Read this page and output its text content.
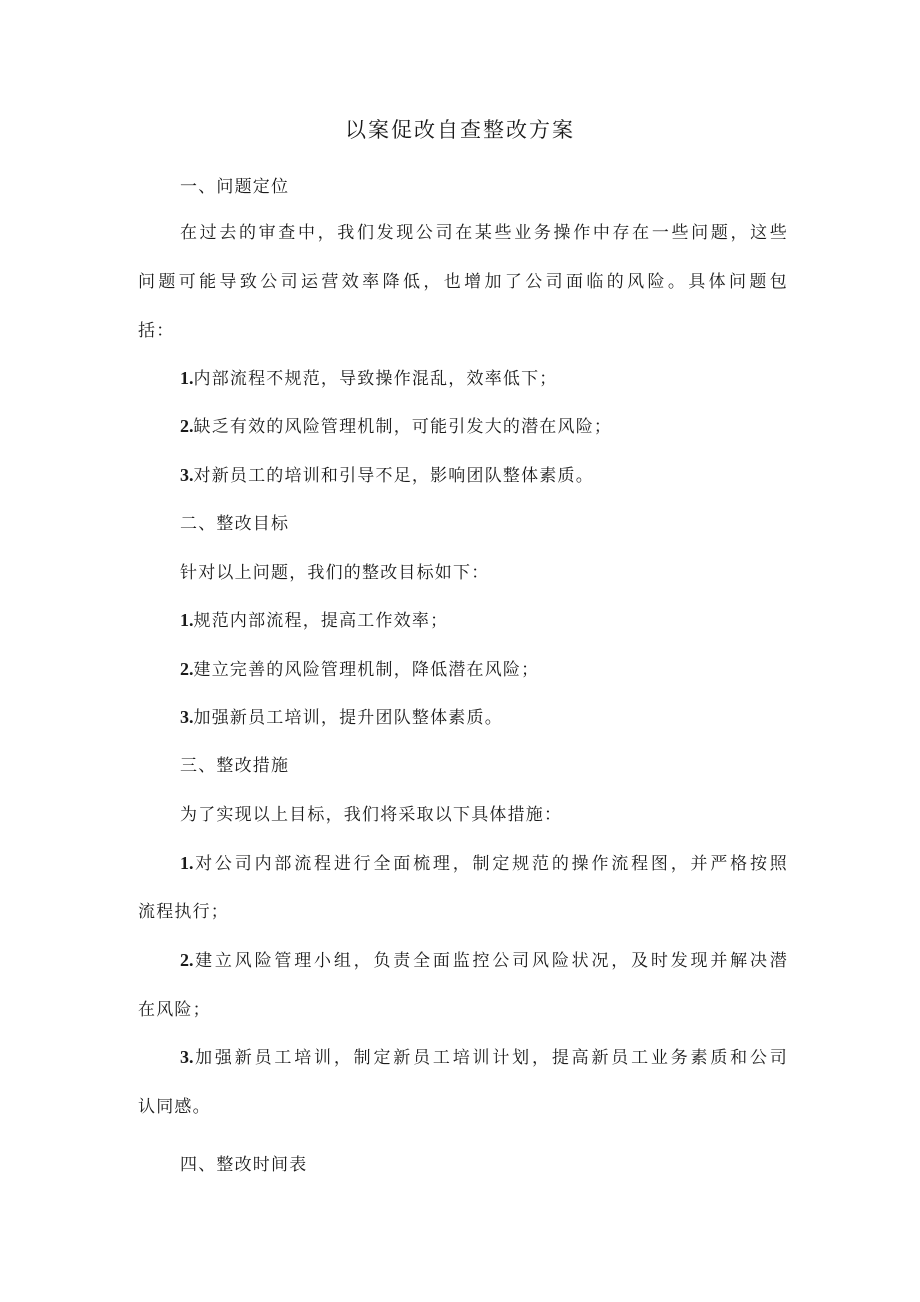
以案促改自查整改方案
一、问题定位
在过去的审查中，我们发现公司在某些业务操作中存在一些问题，这些
问题可能导致公司运营效率降低，也增加了公司面临的风险。具体问题包
括：
1.内部流程不规范，导致操作混乱，效率低下；
2.缺乏有效的风险管理机制，可能引发大的潜在风险；
3.对新员工的培训和引导不足，影响团队整体素质。
二、整改目标
针对以上问题，我们的整改目标如下：
1.规范内部流程，提高工作效率；
2.建立完善的风险管理机制，降低潜在风险；
3.加强新员工培训，提升团队整体素质。
三、整改措施
为了实现以上目标，我们将采取以下具体措施：
1.对公司内部流程进行全面梳理，制定规范的操作流程图，并严格按照
流程执行；
2.建立风险管理小组，负责全面监控公司风险状况，及时发现并解决潜
在风险；
3.加强新员工培训，制定新员工培训计划，提高新员工业务素质和公司
认同感。
四、整改时间表
